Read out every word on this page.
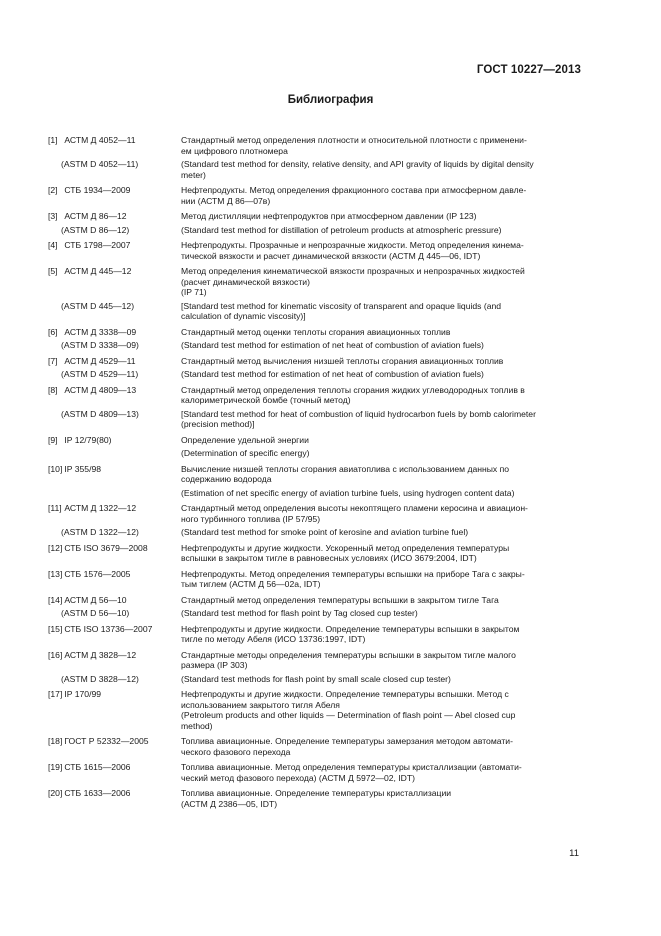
ГОСТ 10227—2013
Библиография
[1] АСТМ Д 4052—11	Стандартный метод определения плотности и относительной плотности с применени-
ем цифрового плотномера
(ASTM D 4052—11)	(Standard test method for density, relative density, and API gravity of liquids by digital density
meter)
[2] СТБ 1934—2009	Нефтепродукты. Метод определения фракционного состава при атмосферном давле-
нии (АСТМ Д 86—07в)
[3] АСТМ Д 86—12	Метод дистилляции нефтепродуктов при атмосферном давлении (IP 123)
(ASTM D 86—12)	(Standard test method for distillation of petroleum products at atmospheric pressure)
[4] СТБ 1798—2007	Нефтепродукты. Прозрачные и непрозрачные жидкости. Метод определения кинема-
тической вязкости и расчет динамической вязкости (АСТМ Д 445—06, IDT)
[5] АСТМ Д 445—12	Метод определения кинематической вязкости прозрачных и непрозрачных жидкостей
(расчет динамической вязкости)
(IP 71)
(ASTM D 445—12)	[Standard test method for kinematic viscosity of transparent and opaque liquids (and
calculation of dynamic viscosity)]
[6] АСТМ Д 3338—09	Стандартный метод оценки теплоты сгорания авиационных топлив
(ASTM D 3338—09)	(Standard test method for estimation of net heat of combustion of aviation fuels)
[7] АСТМ Д 4529—11	Стандартный метод вычисления низшей теплоты сгорания авиационных топлив
(ASTM D 4529—11)	(Standard test method for estimation of net heat of combustion of aviation fuels)
[8] АСТМ Д 4809—13	Стандартный метод определения теплоты сгорания жидких углеводородных топлив в
калориметрической бомбе (точный метод)
(ASTM D 4809—13)	[Standard test method for heat of combustion of liquid hydrocarbon fuels by bomb calorimeter
(precision method)]
[9] IP 12/79(80)	Определение удельной энергии
(Determination of specific energy)
[10] IP 355/98	Вычисление низшей теплоты сгорания авиатоплива с использованием данных по
содержанию водорода
(Estimation of net specific energy of aviation turbine fuels, using hydrogen content data)
[11] АСТМ Д 1322—12	Стандартный метод определения высоты некоптящего пламени керосина и авиацион-
ного турбинного топлива (IP 57/95)
(ASTM D 1322—12)	(Standard test method for smoke point of kerosine and aviation turbine fuel)
[12] СТБ ISO 3679—2008	Нефтепродукты и другие жидкости. Ускоренный метод определения температуры
вспышки в закрытом тигле в равновесных условиях (ИСО 3679:2004, IDT)
[13] СТБ 1576—2005	Нефтепродукты. Метод определения температуры вспышки на приборе Тага с закры-
тым тиглем (АСТМ Д 56—02а, IDT)
[14] АСТМ Д 56—10	Стандартный метод определения температуры вспышки в закрытом тигле Тага
(ASTM D 56—10)	(Standard test method for flash point by Tag closed cup tester)
[15] СТБ ISO 13736—2007	Нефтепродукты и другие жидкости. Определение температуры вспышки в закрытом
тигле по методу Абеля (ИСО 13736:1997, IDT)
[16] АСТМ Д 3828—12	Стандартные методы определения температуры вспышки в закрытом тигле малого
размера (IP 303)
(ASTM D 3828—12)	(Standard test methods for flash point by small scale closed cup tester)
[17] IP 170/99	Нефтепродукты и другие жидкости. Определение температуры вспышки. Метод с
использованием закрытого тигля Абеля
(Petroleum products and other liquids — Determination of flash point — Abel closed cup
method)
[18] ГОСТ Р 52332—2005	Топлива авиационные. Определение температуры замерзания методом автомати-
ческого фазового перехода
[19] СТБ 1615—2006	Топлива авиационные. Метод определения температуры кристаллизации (автомати-
ческий метод фазового перехода) (АСТМ Д 5972—02, IDT)
[20] СТБ 1633—2006	Топлива авиационные. Определение температуры кристаллизации
(АСТМ Д 2386—05, IDT)
11
